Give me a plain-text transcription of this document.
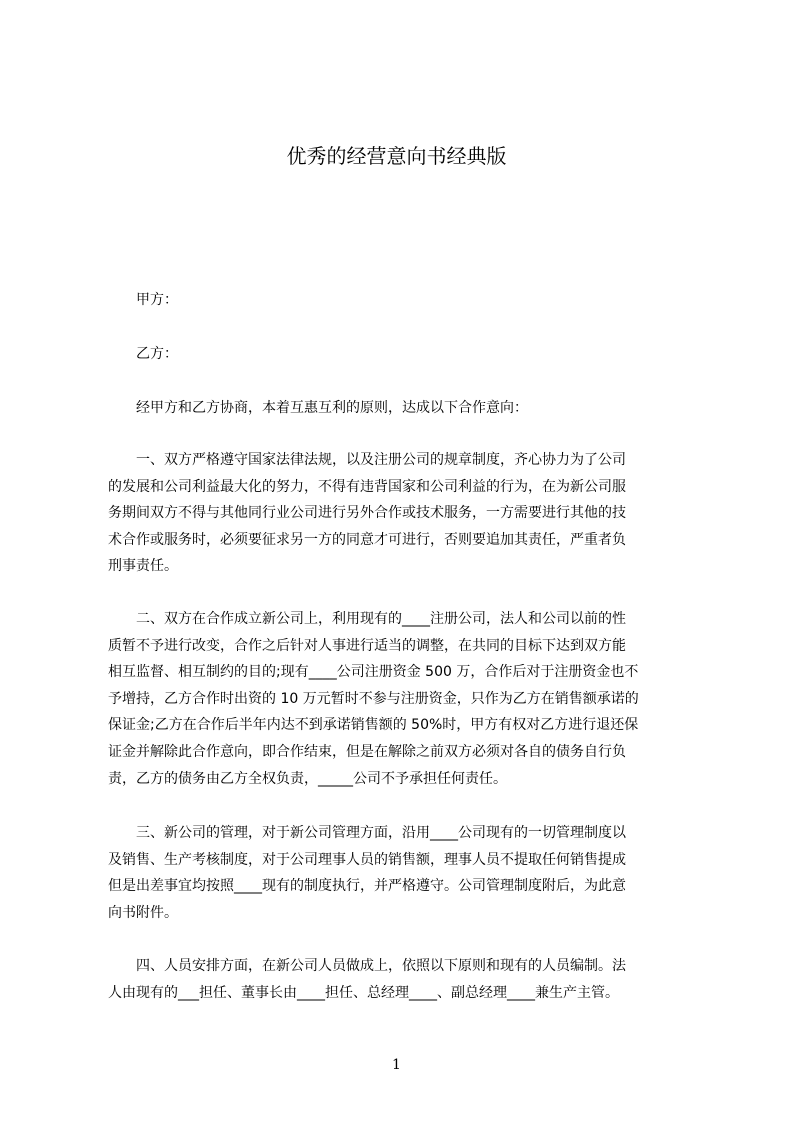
优秀的经营意向书经典版
甲方：
乙方：
经甲方和乙方协商，本着互惠互利的原则，达成以下合作意向：
一、双方严格遵守国家法律法规，以及注册公司的规章制度，齐心协力为了公司
的发展和公司利益最大化的努力，不得有违背国家和公司利益的行为，在为新公司服
务期间双方不得与其他同行业公司进行另外合作或技术服务，一方需要进行其他的技
术合作或服务时，必须要征求另一方的同意才可进行，否则要追加其责任，严重者负
刑事责任。
二、双方在合作成立新公司上，利用现有的____注册公司，法人和公司以前的性
质暂不予进行改变，合作之后针对人事进行适当的调整，在共同的目标下达到双方能
相互监督、相互制约的目的;现有____公司注册资金 500 万，合作后对于注册资金也不
予增持，乙方合作时出资的 10 万元暂时不参与注册资金，只作为乙方在销售额承诺的
保证金;乙方在合作后半年内达不到承诺销售额的 50%时，甲方有权对乙方进行退还保
证金并解除此合作意向，即合作结束，但是在解除之前双方必须对各自的债务自行负
责，乙方的债务由乙方全权负责，_____公司不予承担任何责任。
三、新公司的管理，对于新公司管理方面，沿用____公司现有的一切管理制度以
及销售、生产考核制度，对于公司理事人员的销售额，理事人员不提取任何销售提成
但是出差事宜均按照____现有的制度执行，并严格遵守。公司管理制度附后，为此意
向书附件。
四、人员安排方面，在新公司人员做成上，依照以下原则和现有的人员编制。法
人由现有的___担任、董事长由____担任、总经理____、副总经理____兼生产主管。
1
